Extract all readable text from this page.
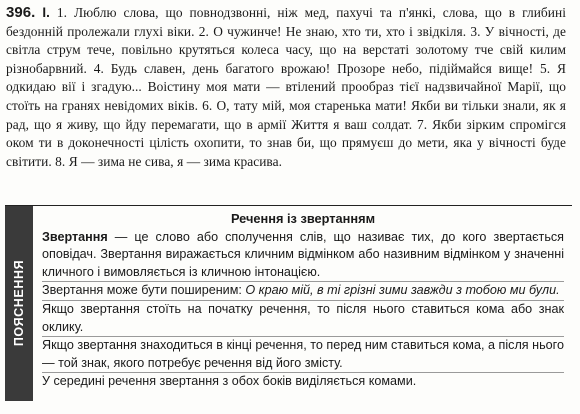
396. І. 1. Люблю слова, що повнодзвонні, ніж мед, пахучі та п'янкі, слова, що в глибині бездонній пролежали глухі віки. 2. О чужинче! Не знаю, хто ти, хто і звідкіля. 3. У вічності, де світла струм тече, повільно крутяться колеса часу, що на верстаті золотому тче свій килим різнобарвний. 4. Будь славен, день багатого врожаю! Прозоре небо, підіймайся вище! 5. Я одкидаю вії і згадую... Воістину моя мати — втілений прообраз тієї надзвичайної Марії, що стоїть на гранях невідомих віків. 6. О, тату мій, моя старенька мати! Якби ви тільки знали, як я рад, що я живу, що йду перемагати, що в армії Життя я ваш солдат. 7. Якби зірким спромігся оком ти в доконечності цілість охопити, то знав би, що прямуєш до мети, яка у вічності буде світити. 8. Я — зима не сива, я — зима красива.
ПОЯСНЕННЯ
Речення із звертанням
Звертання — це слово або сполучення слів, що називає тих, до кого звертається оповідач. Звертання виражається кличним відмінком або називним відмінком у значенні кличного і вимовляється із кличною інтонацією.
Звертання може бути поширеним: О краю мій, в ті грізні зими завжди з тобою ми були.
Якщо звертання стоїть на початку речення, то після нього ставиться кома або знак оклику.
Якщо звертання знаходиться в кінці речення, то перед ним ставиться кома, а після нього — той знак, якого потребує речення від його змісту.
У середині речення звертання з обох боків виділяється комами.
